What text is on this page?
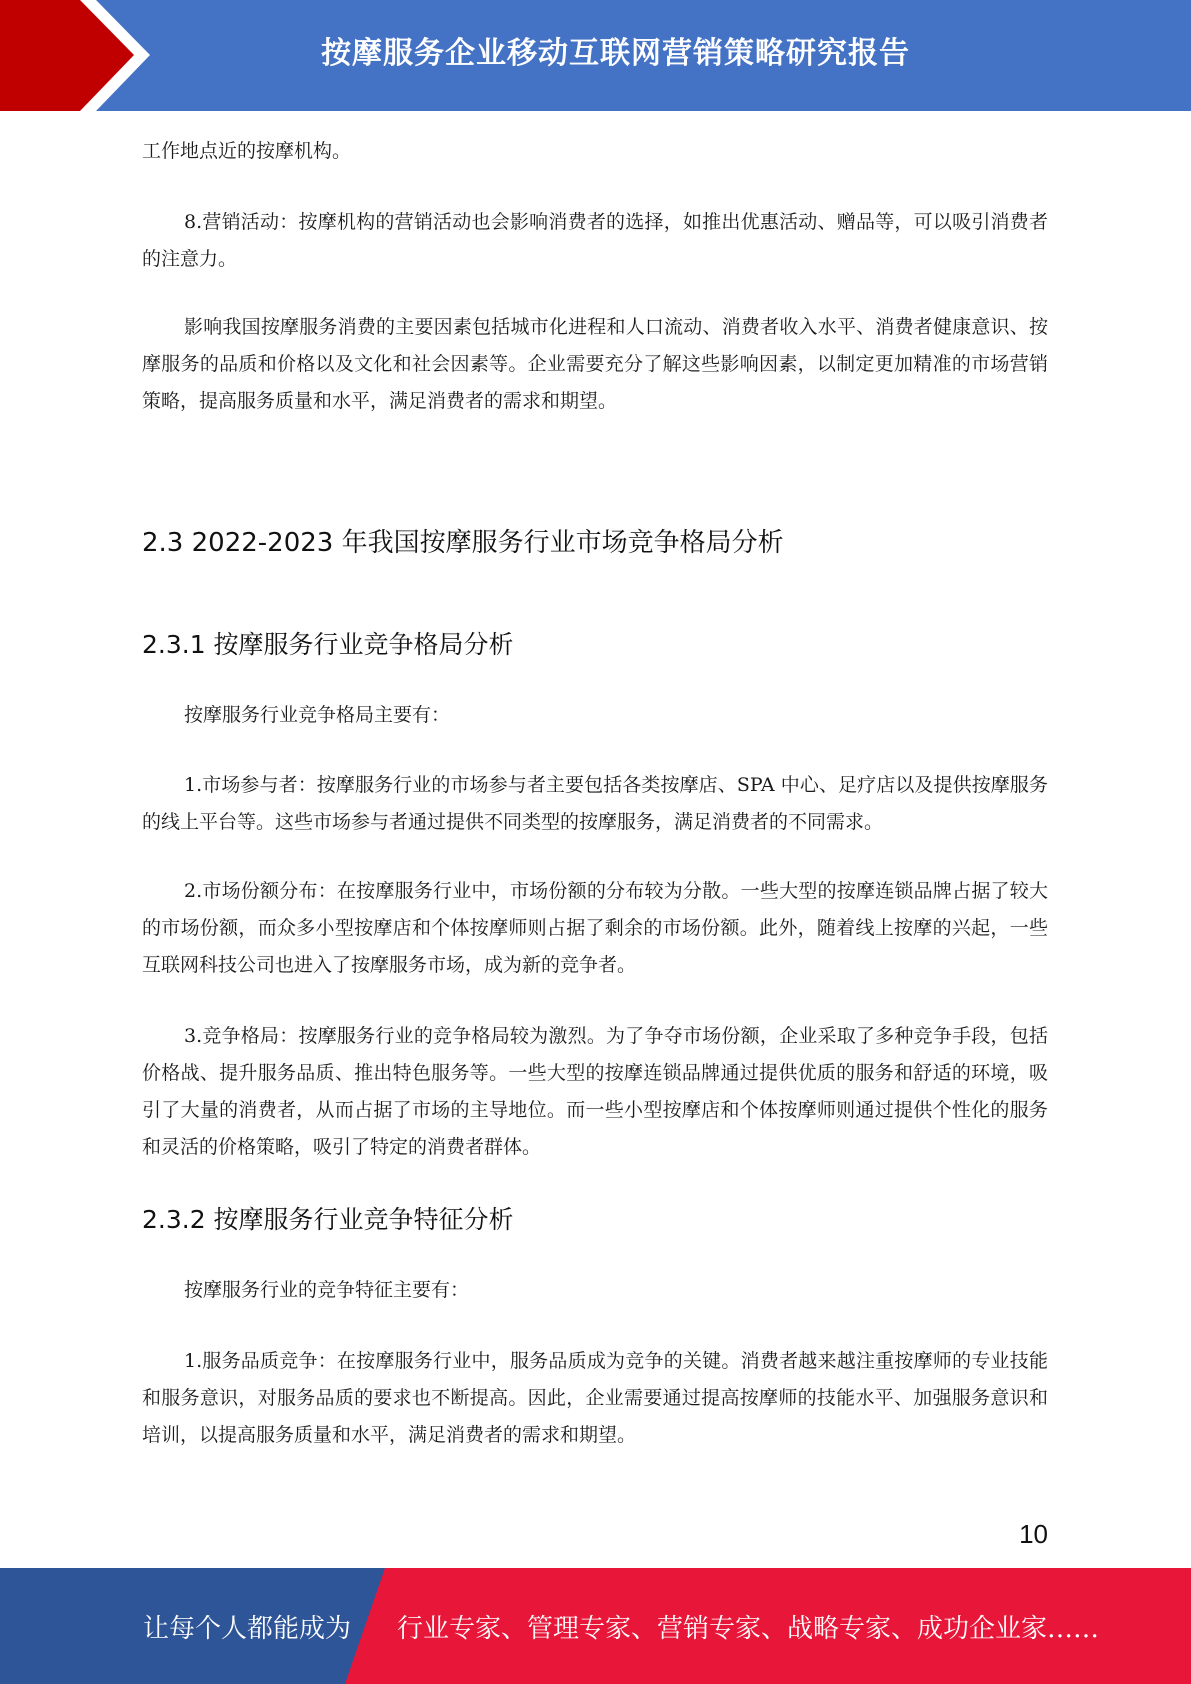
按摩服务企业移动互联网营销策略研究报告

工作地点近的按摩机构。

8.营销活动：按摩机构的营销活动也会影响消费者的选择，如推出优惠活动、赠品等，可以吸引消费者的注意力。

影响我国按摩服务消费的主要因素包括城市化进程和人口流动、消费者收入水平、消费者健康意识、按摩服务的品质和价格以及文化和社会因素等。企业需要充分了解这些影响因素，以制定更加精准的市场营销策略，提高服务质量和水平，满足消费者的需求和期望。

2.3 2022-2023 年我国按摩服务行业市场竞争格局分析
2.3.1 按摩服务行业竞争格局分析

按摩服务行业竞争格局主要有：

1.市场参与者：按摩服务行业的市场参与者主要包括各类按摩店、SPA 中心、足疗店以及提供按摩服务的线上平台等。这些市场参与者通过提供不同类型的按摩服务，满足消费者的不同需求。

2.市场份额分布：在按摩服务行业中，市场份额的分布较为分散。一些大型的按摩连锁品牌占据了较大的市场份额，而众多小型按摩店和个体按摩师则占据了剩余的市场份额。此外，随着线上按摩的兴起，一些互联网科技公司也进入了按摩服务市场，成为新的竞争者。

3.竞争格局：按摩服务行业的竞争格局较为激烈。为了争夺市场份额，企业采取了多种竞争手段，包括价格战、提升服务品质、推出特色服务等。一些大型的按摩连锁品牌通过提供优质的服务和舒适的环境，吸引了大量的消费者，从而占据了市场的主导地位。而一些小型按摩店和个体按摩师则通过提供个性化的服务和灵活的价格策略，吸引了特定的消费者群体。

2.3.2 按摩服务行业竞争特征分析

按摩服务行业的竞争特征主要有：

1.服务品质竞争：在按摩服务行业中，服务品质成为竞争的关键。消费者越来越注重按摩师的专业技能和服务意识，对服务品质的要求也不断提高。因此，企业需要通过提高按摩师的技能水平、加强服务意识和培训，以提高服务质量和水平，满足消费者的需求和期望。

10
让每个人都能成为 行业专家、管理专家、营销专家、战略专家、成功企业家……
